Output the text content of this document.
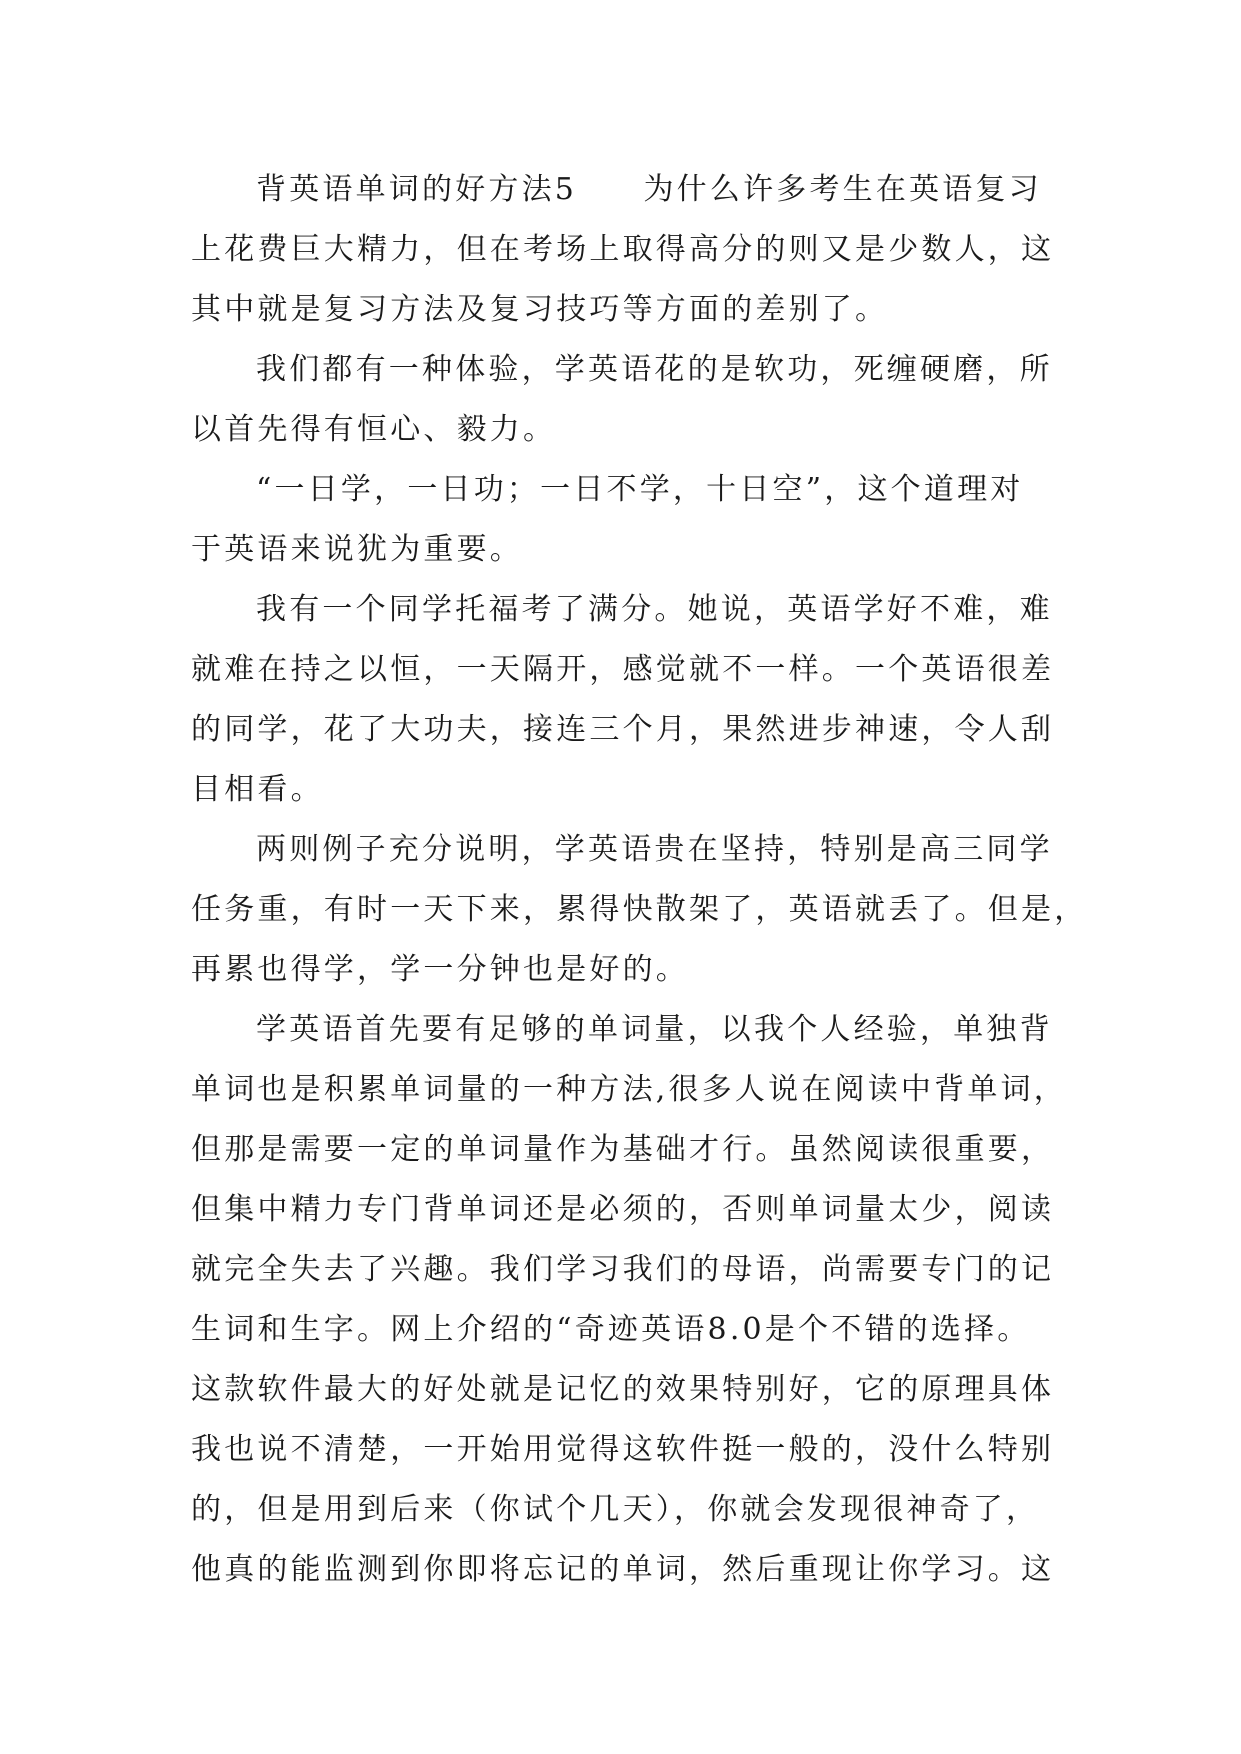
背英语单词的好方法5　　为什么许多考生在英语复习
上花费巨大精力，但在考场上取得高分的则又是少数人，这
其中就是复习方法及复习技巧等方面的差别了。
我们都有一种体验，学英语花的是软功，死缠硬磨，所
以首先得有恒心、毅力。
“一日学，一日功；一日不学，十日空”，这个道理对
于英语来说犹为重要。
我有一个同学托福考了满分。她说，英语学好不难，难
就难在持之以恒，一天隔开，感觉就不一样。一个英语很差
的同学，花了大功夫，接连三个月，果然进步神速，令人刮
目相看。
两则例子充分说明，学英语贵在坚持，特别是高三同学
任务重，有时一天下来，累得快散架了，英语就丢了。但是，
再累也得学，学一分钟也是好的。
学英语首先要有足够的单词量，以我个人经验，单独背
单词也是积累单词量的一种方法,很多人说在阅读中背单词，
但那是需要一定的单词量作为基础才行。虽然阅读很重要，
但集中精力专门背单词还是必须的，否则单词量太少，阅读
就完全失去了兴趣。我们学习我们的母语，尚需要专门的记
生词和生字。网上介绍的“奇迹英语8.0是个不错的选择。
这款软件最大的好处就是记忆的效果特别好，它的原理具体
我也说不清楚，一开始用觉得这软件挺一般的，没什么特别
的，但是用到后来（你试个几天），你就会发现很神奇了，
他真的能监测到你即将忘记的单词，然后重现让你学习。这
